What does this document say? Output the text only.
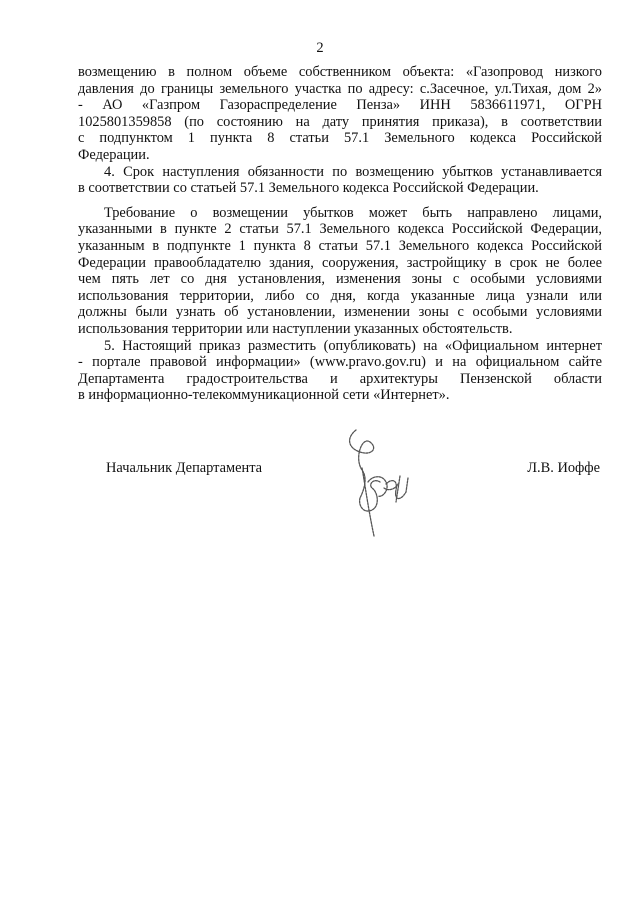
2

возмещению в полном объеме собственником объекта: «Газопровод низкого
давления до границы земельного участка по адресу: с.Засечное, ул.Тихая, дом 2»
- АО «Газпром Газораспределение Пенза» ИНН 5836611971, ОГРН
1025801359858 (по состоянию на дату принятия приказа), в соответствии
с подпунктом 1 пункта 8 статьи 57.1 Земельного кодекса Российской
Федерации.

4. Срок наступления обязанности по возмещению убытков устанавливается
в соответствии со статьей 57.1 Земельного кодекса Российской Федерации.

Требование о возмещении убытков может быть направлено лицами,
указанными в пункте 2 статьи 57.1 Земельного кодекса Российской Федерации,
указанным в подпункте 1 пункта 8 статьи 57.1 Земельного кодекса Российской
Федерации правообладателю здания, сооружения, застройщику в срок не более
чем пять лет со дня установления, изменения зоны с особыми условиями
использования территории, либо со дня, когда указанные лица узнали или
должны были узнать об установлении, изменении зоны с особыми условиями
использования территории или наступлении указанных обстоятельств.

5. Настоящий приказ разместить (опубликовать) на «Официальном интернет
- портале правовой информации» (www.pravo.gov.ru) и на официальном сайте
Департамента градостроительства и архитектуры Пензенской области
в информационно-телекоммуникационной сети «Интернет».

Начальник Департамента	Л.В. Иоффе
